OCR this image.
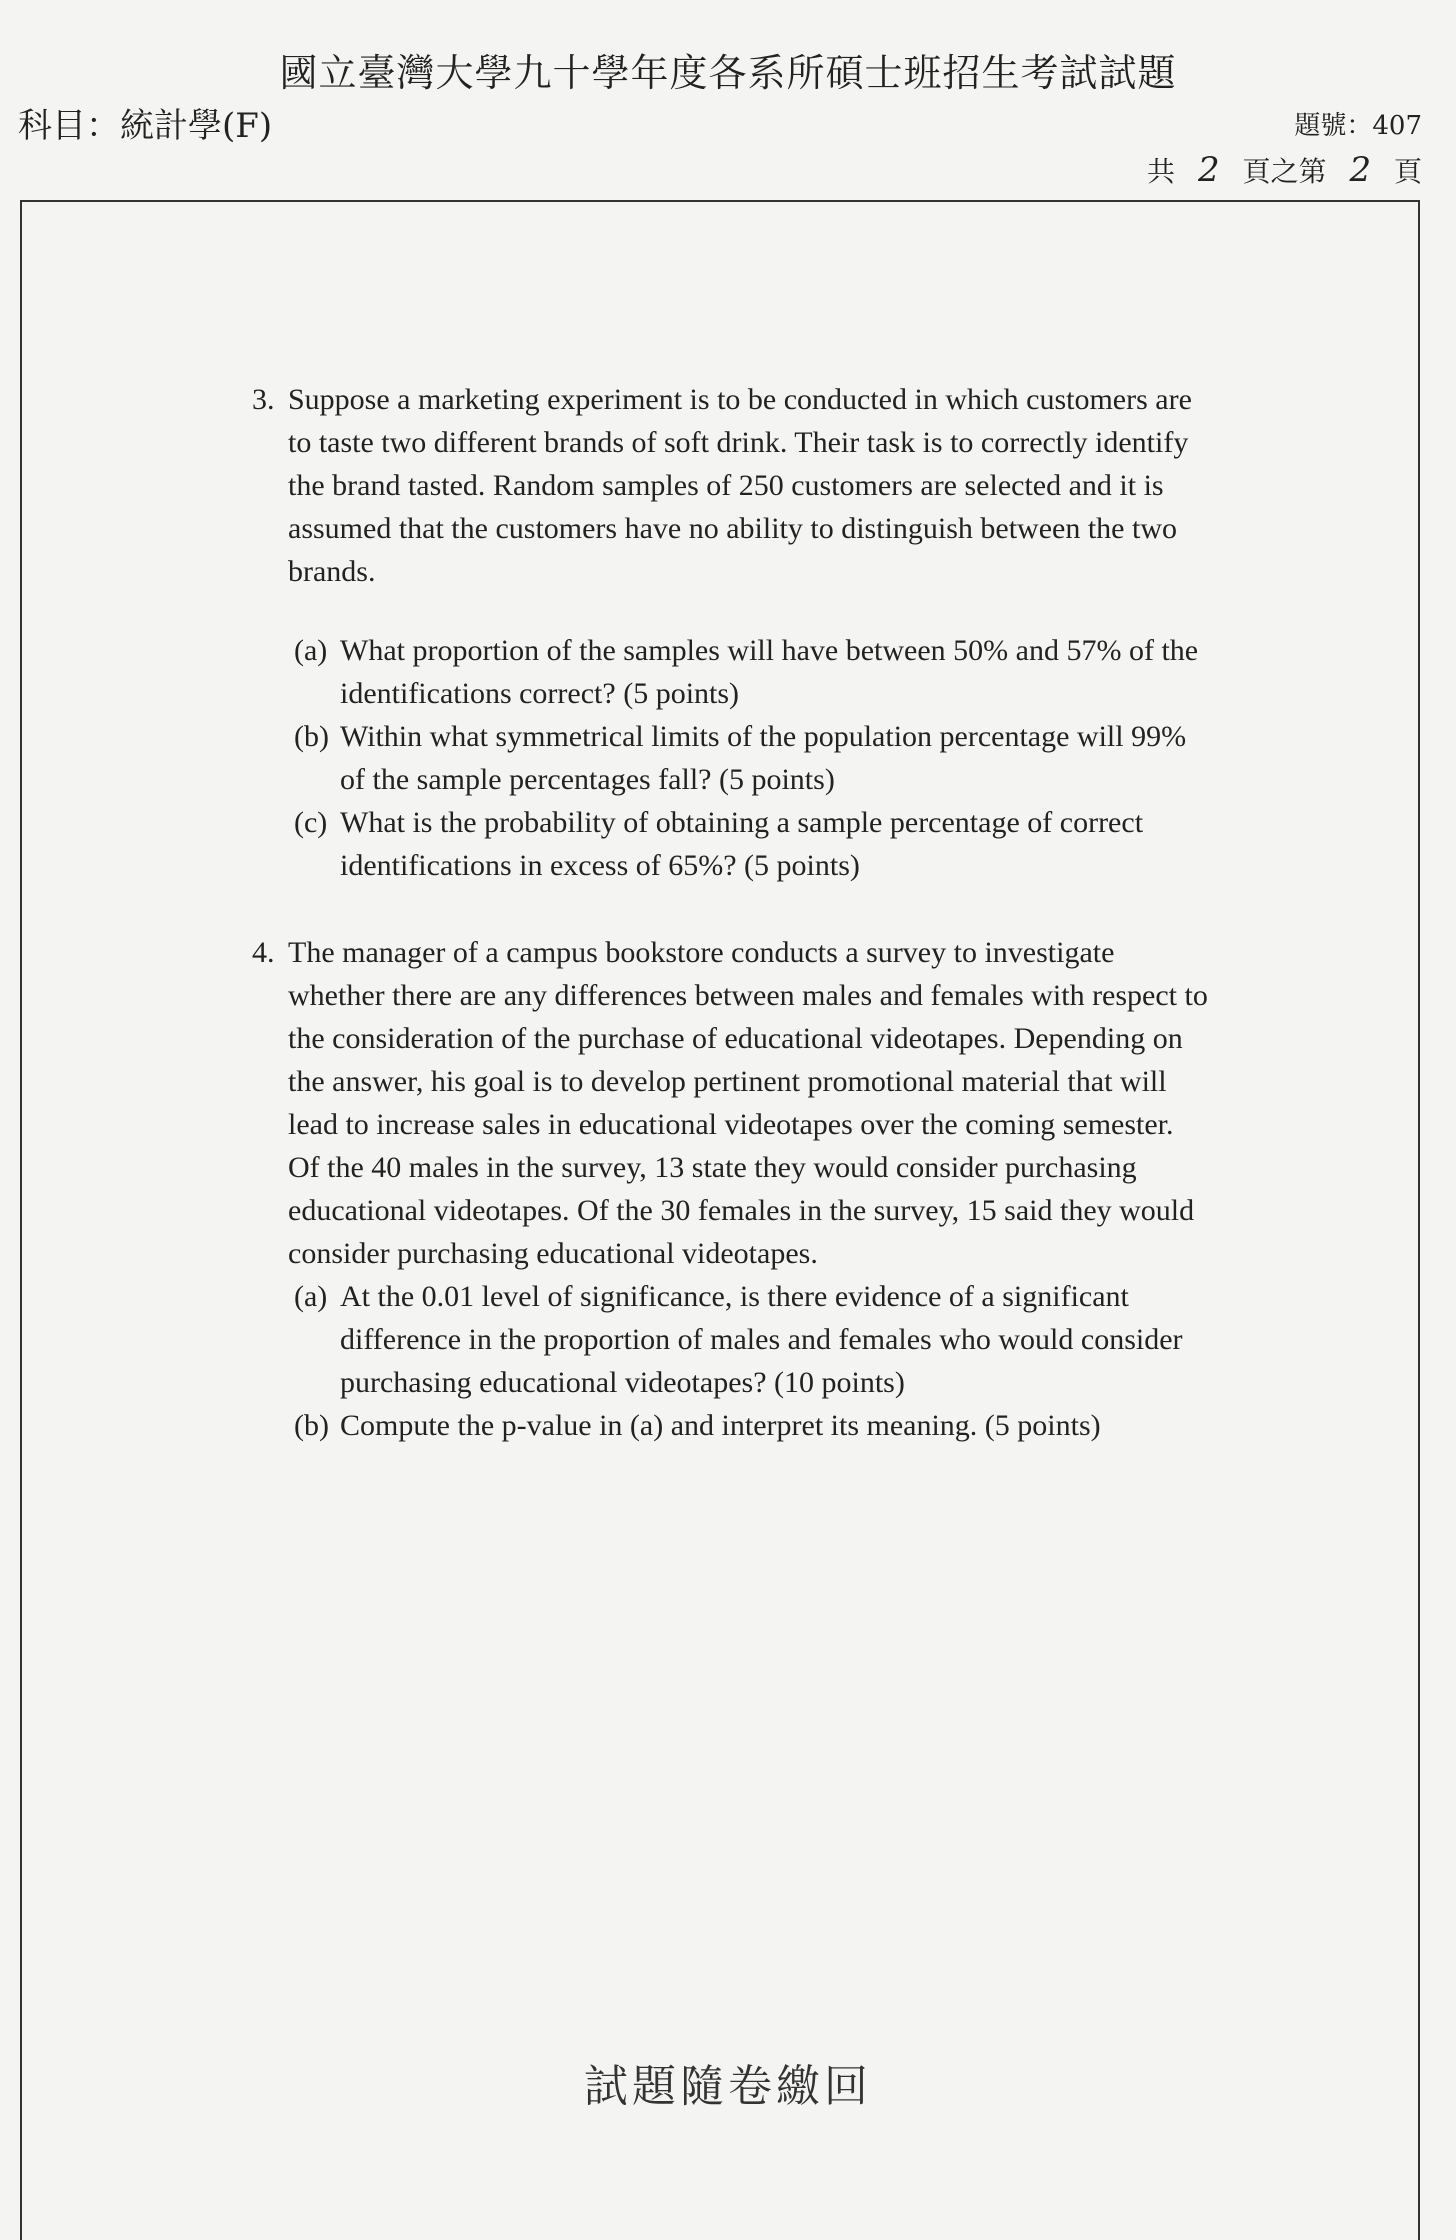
國立臺灣大學九十學年度各系所碩士班招生考試試題
科目：統計學(F)	題號：407
共 2 頁之第 2 頁
3. Suppose a marketing experiment is to be conducted in which customers are to taste two different brands of soft drink. Their task is to correctly identify the brand tasted. Random samples of 250 customers are selected and it is assumed that the customers have no ability to distinguish between the two brands.
(a) What proportion of the samples will have between 50% and 57% of the identifications correct? (5 points)
(b) Within what symmetrical limits of the population percentage will 99% of the sample percentages fall? (5 points)
(c) What is the probability of obtaining a sample percentage of correct identifications in excess of 65%? (5 points)
4. The manager of a campus bookstore conducts a survey to investigate whether there are any differences between males and females with respect to the consideration of the purchase of educational videotapes. Depending on the answer, his goal is to develop pertinent promotional material that will lead to increase sales in educational videotapes over the coming semester. Of the 40 males in the survey, 13 state they would consider purchasing educational videotapes. Of the 30 females in the survey, 15 said they would consider purchasing educational videotapes.
(a) At the 0.01 level of significance, is there evidence of a significant difference in the proportion of males and females who would consider purchasing educational videotapes? (10 points)
(b) Compute the p-value in (a) and interpret its meaning. (5 points)
試題隨卷繳回
